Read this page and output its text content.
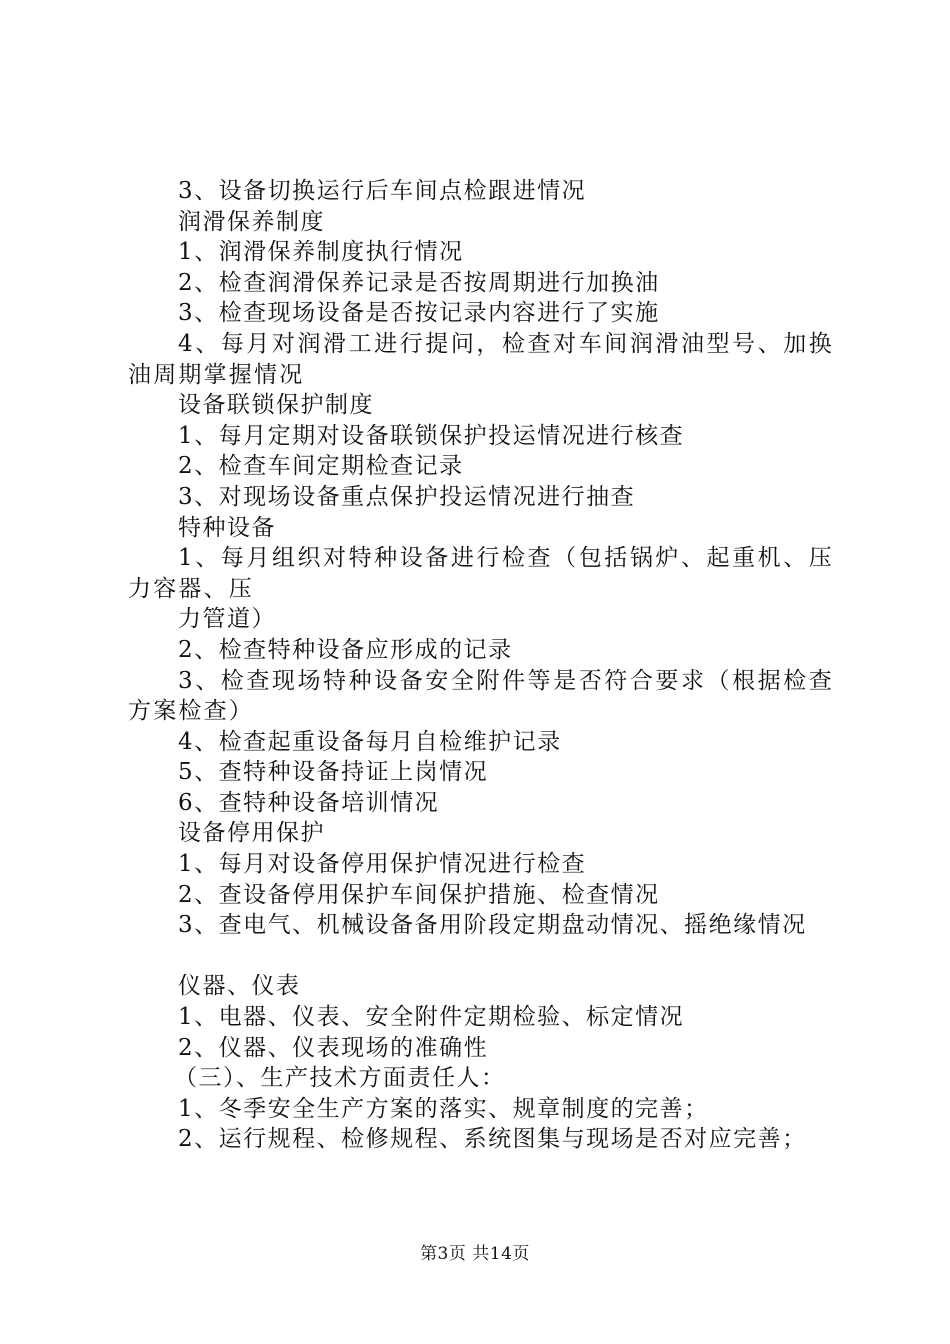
3、设备切换运行后车间点检跟进情况
润滑保养制度
1、润滑保养制度执行情况
2、检查润滑保养记录是否按周期进行加换油
3、检查现场设备是否按记录内容进行了实施
4、每月对润滑工进行提问，检查对车间润滑油型号、加换油周期掌握情况
设备联锁保护制度
1、每月定期对设备联锁保护投运情况进行核查
2、检查车间定期检查记录
3、对现场设备重点保护投运情况进行抽查
特种设备
1、每月组织对特种设备进行检查（包括锅炉、起重机、压力容器、压
力管道）
2、检查特种设备应形成的记录
3、检查现场特种设备安全附件等是否符合要求（根据检查方案检查）
4、检查起重设备每月自检维护记录
5、查特种设备持证上岗情况
6、查特种设备培训情况
设备停用保护
1、每月对设备停用保护情况进行检查
2、查设备停用保护车间保护措施、检查情况
3、查电气、机械设备备用阶段定期盘动情况、摇绝缘情况
仪器、仪表
1、电器、仪表、安全附件定期检验、标定情况
2、仪器、仪表现场的准确性
（三）、生产技术方面责任人：
1、冬季安全生产方案的落实、规章制度的完善；
2、运行规程、检修规程、系统图集与现场是否对应完善；
第3页 共14页
